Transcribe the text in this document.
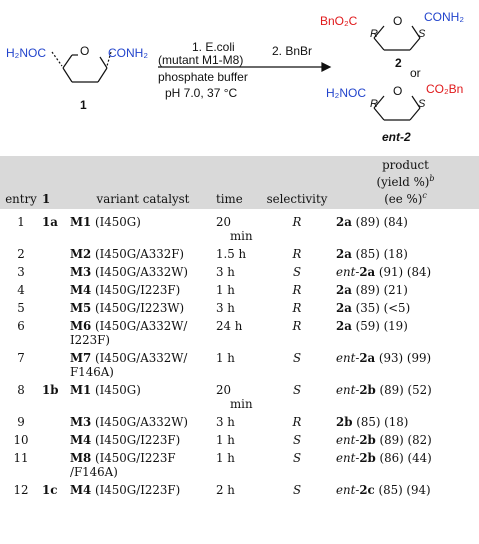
H₂NOC	O CONH₂
1
1. E.coli
(mutant M1-M8)
phosphate buffer
pH 7.0, 37 °C
2. BnBr
BnO₂C	O CONH₂
R	S
2
or
H₂NOC O CO₂Bn
R	S
ent-2
entry	1	variant catalyst	time	selectivity	product
(yield %)$^b$
(ee %)$^c$

1	1a	M1 (I450G)	20
min	R	2a (89) (84)
2		M2 (I450G/A332F)	1.5 h	R	2a (85) (18)
3		M3 (I450G/A332W)	3 h	S	ent-2a (91) (84)
4		M4 (I450G/I223F)	1 h	R	2a (89) (21)
5		M5 (I450G/I223W)	3 h	R	2a (35) (<5)
6		M6 (I450G/A332W/
I223F)	24 h	R	2a (59) (19)
7		M7 (I450G/A332W/
F146A)	1 h	S	ent-2a (93) (99)
8	1b	M1 (I450G)	20
min	S	ent-2b (89) (52)
9		M3 (I450G/A332W)	3 h	R	2b (85) (18)
10		M4 (I450G/I223F)	1 h	S	ent-2b (89) (82)
11		M8 (I450G/I223F
/F146A)	1 h	S	ent-2b (86) (44)
12	1c	M4 (I450G/I223F)	2 h	S	ent-2c (85) (94)
